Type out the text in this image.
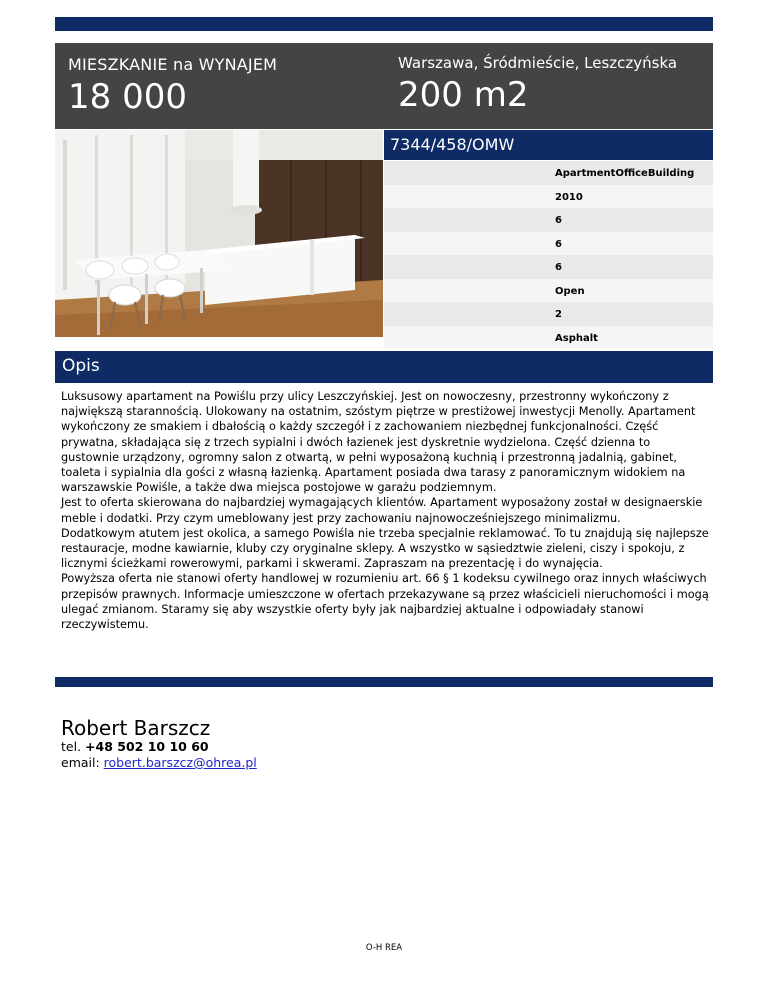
MIESZKANIE na WYNAJEM
18 000
Warszawa, Śródmieście, Leszczyńska
200 m2
7344/458/OMW
ApartmentOfficeBuilding
2010
6
6
6
Open
2
Asphalt
Opis
Luksusowy apartament na Powiślu przy ulicy Leszczyńskiej. Jest on nowoczesny, przestronny wykończony z największą starannością. Ulokowany na ostatnim, szóstym piętrze w prestiżowej inwestycji Menolly. Apartament wykończony ze smakiem i dbałością o każdy szczegół i z zachowaniem niezbędnej funkcjonalności. Część prywatna, składająca się z trzech sypialni i dwóch łazienek jest dyskretnie wydzielona. Część dzienna to gustownie urządzony, ogromny salon z otwartą, w pełni wyposażoną kuchnią i przestronną jadalnią, gabinet, toaleta i sypialnia dla gości z własną łazienką. Apartament posiada dwa tarasy z panoramicznym widokiem na warszawskie Powiśle, a także dwa miejsca postojowe w garażu podziemnym.
Jest to oferta skierowana do najbardziej wymagających klientów. Apartament wyposażony został w designaerskie meble i dodatki. Przy czym umeblowany jest przy zachowaniu najnowocześniejszego minimalizmu.
Dodatkowym atutem jest okolica, a samego Powiśla nie trzeba specjalnie reklamować. To tu znajdują się najlepsze restauracje, modne kawiarnie, kluby czy oryginalne sklepy. A wszystko w sąsiedztwie zieleni, ciszy i spokoju, z licznymi ścieżkami rowerowymi, parkami i skwerami. Zapraszam na prezentację i do wynajęcia.
Powyższa oferta nie stanowi oferty handlowej w rozumieniu art. 66 § 1 kodeksu cywilnego oraz innych właściwych przepisów prawnych. Informacje umieszczone w ofertach przekazywane są przez właścicieli nieruchomości i mogą ulegać zmianom. Staramy się aby wszystkie oferty były jak najbardziej aktualne i odpowiadały stanowi rzeczywistemu.
Robert Barszcz
tel. +48 502 10 10 60
email: robert.barszcz@ohrea.pl
O-H REA
